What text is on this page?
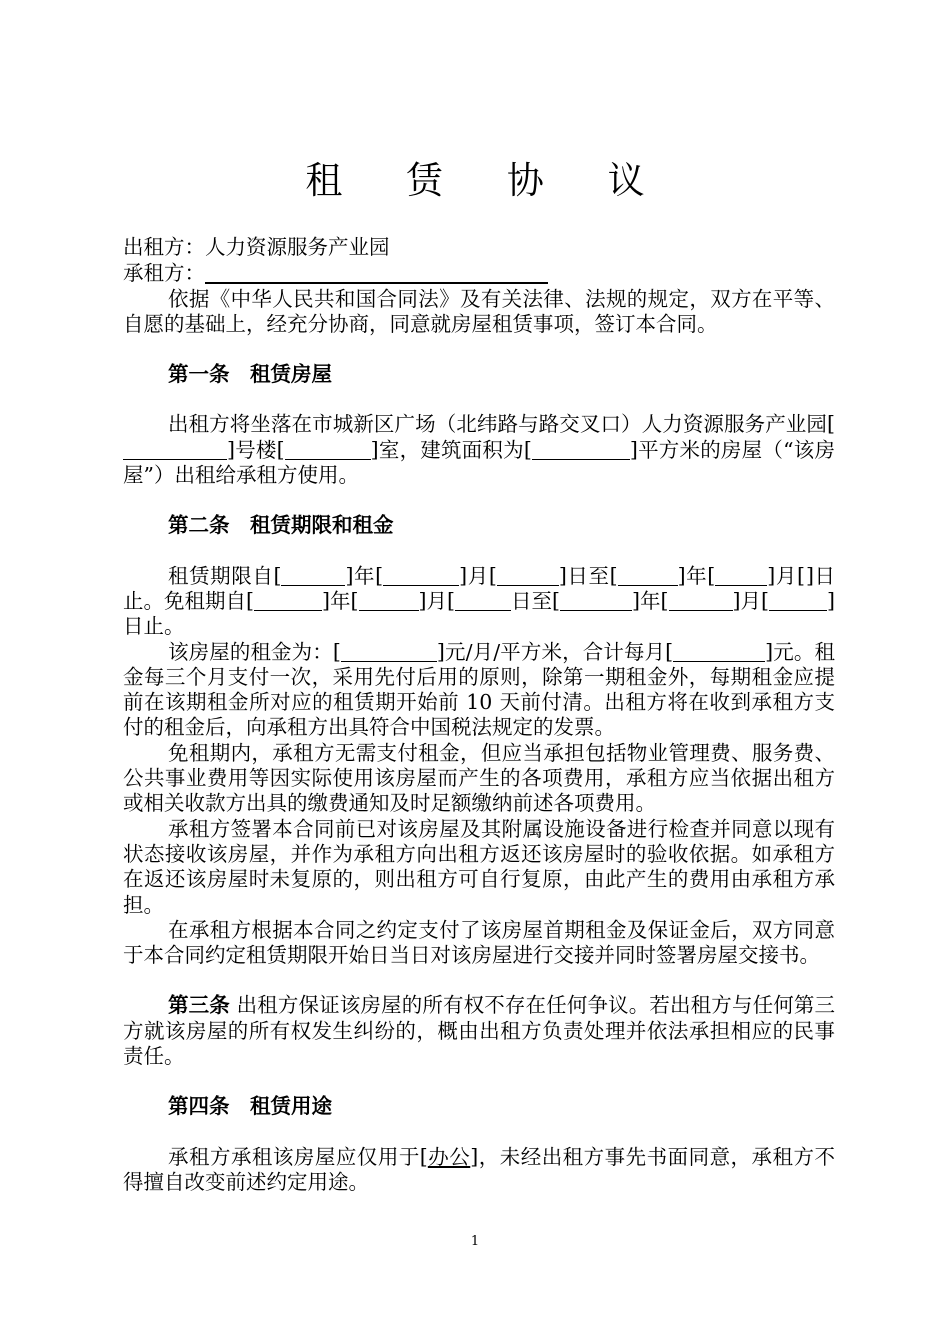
租 赁 协 议

出租方：人力资源服务产业园

承租方：

依据《中华人民共和国合同法》及有关法律、法规的规定，双方在平等、自愿的基础上，经充分协商，同意就房屋租赁事项，签订本合同。

第一条　租赁房屋

出租方将坐落在市城新区广场（北纬路与路交叉口）人力资源服务产业园[]号楼[	]室，建筑面积为[	]平方米的房屋（“该房屋”）出租给承租方使用。

第二条　租赁期限和租金

租赁期限自[	]年[	]月[	]日至[	]年[	]月[]日止。免租期自[	]年[	]月[	日至[	]年[	]月[	]日止。

该房屋的租金为：[	]元/月/平方米，合计每月[	]元。租金每三个月支付一次，采用先付后用的原则，除第一期租金外，每期租金应提前在该期租金所对应的租赁期开始前 10 天前付清。出租方将在收到承租方支付的租金后，向承租方出具符合中国税法规定的发票。

免租期内，承租方无需支付租金，但应当承担包括物业管理费、服务费、公共事业费用等因实际使用该房屋而产生的各项费用，承租方应当依据出租方或相关收款方出具的缴费通知及时足额缴纳前述各项费用。

承租方签署本合同前已对该房屋及其附属设施设备进行检查并同意以现有状态接收该房屋，并作为承租方向出租方返还该房屋时的验收依据。如承租方在返还该房屋时未复原的，则出租方可自行复原，由此产生的费用由承租方承担。

在承租方根据本合同之约定支付了该房屋首期租金及保证金后，双方同意于本合同约定租赁期限开始日当日对该房屋进行交接并同时签署房屋交接书。

第三条 出租方保证该房屋的所有权不存在任何争议。若出租方与任何第三方就该房屋的所有权发生纠纷的，概由出租方负责处理并依法承担相应的民事责任。

第四条　租赁用途

承租方承租该房屋应仅用于[办公]，未经出租方事先书面同意，承租方不得擅自改变前述约定用途。

1
